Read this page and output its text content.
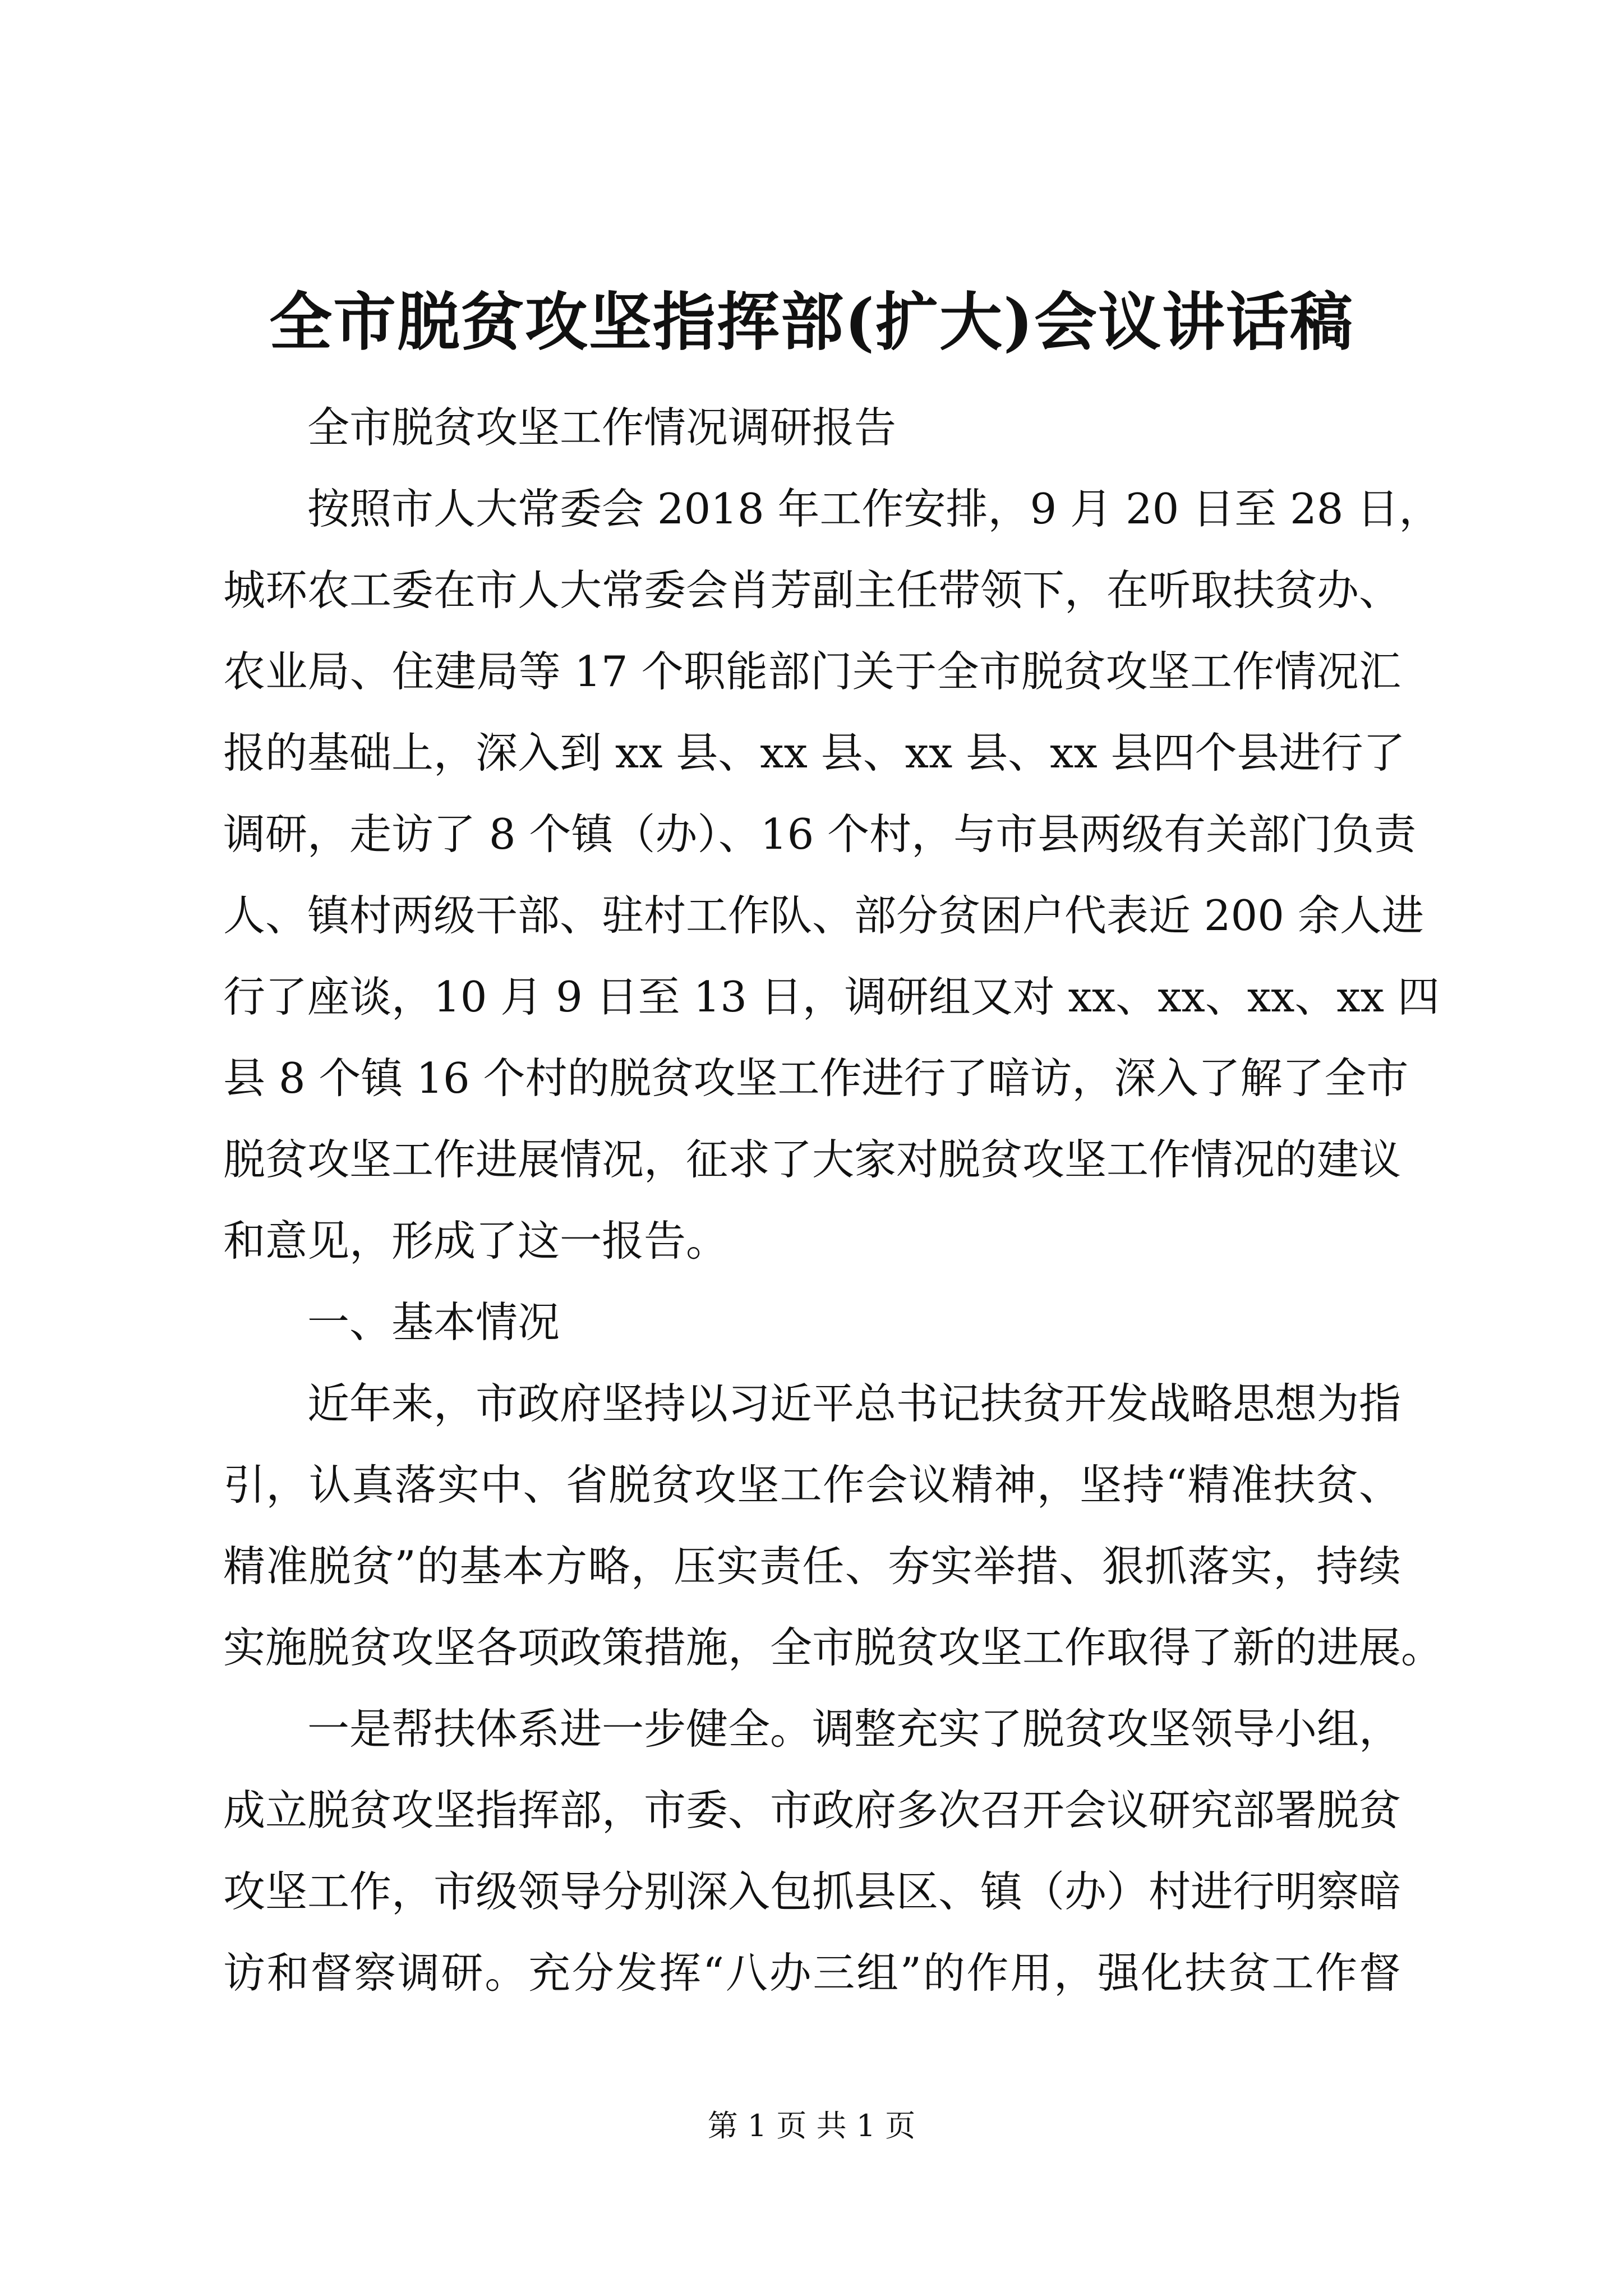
全市脱贫攻坚指挥部(扩大)会议讲话稿
全市脱贫攻坚工作情况调研报告
按照市人大常委会 2018 年工作安排，9 月 20 日至 28 日，
城环农工委在市人大常委会肖芳副主任带领下，在听取扶贫办、
农业局、住建局等 17 个职能部门关于全市脱贫攻坚工作情况汇
报的基础上，深入到 xx 县、xx 县、xx 县、xx 县四个县进行了
调研，走访了 8 个镇（办）、16 个村，与市县两级有关部门负责
人、镇村两级干部、驻村工作队、部分贫困户代表近 200 余人进
行了座谈，10 月 9 日至 13 日，调研组又对 xx、xx、xx、xx 四
县 8 个镇 16 个村的脱贫攻坚工作进行了暗访，深入了解了全市
脱贫攻坚工作进展情况，征求了大家对脱贫攻坚工作情况的建议
和意见，形成了这一报告。
一、基本情况
近年来，市政府坚持以习近平总书记扶贫开发战略思想为指
引，认真落实中、省脱贫攻坚工作会议精神，坚持“精准扶贫、
精准脱贫”的基本方略，压实责任、夯实举措、狠抓落实，持续
实施脱贫攻坚各项政策措施，全市脱贫攻坚工作取得了新的进展。
一是帮扶体系进一步健全。调整充实了脱贫攻坚领导小组，
成立脱贫攻坚指挥部，市委、市政府多次召开会议研究部署脱贫
攻坚工作，市级领导分别深入包抓县区、镇（办）村进行明察暗
访和督察调研。充分发挥“八办三组”的作用，强化扶贫工作督
第 1 页 共 1 页
